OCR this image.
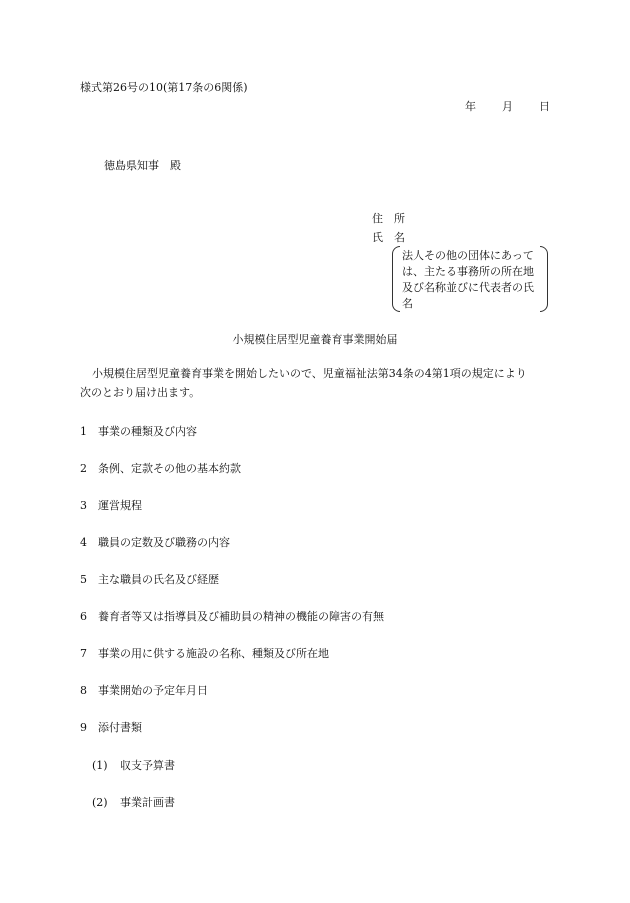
様式第26号の10(第17条の6関係)
年 月 日
徳島県知事　殿
住　所
氏　名
法人その他の団体にあっては、主たる事務所の所在地及び名称並びに代表者の氏名
小規模住居型児童養育事業開始届
小規模住居型児童養育事業を開始したいので、児童福祉法第34条の4第1項の規定により
次のとおり届け出ます。
1 事業の種類及び内容
2 条例、定款その他の基本約款
3 運営規程
4 職員の定数及び職務の内容
5 主な職員の氏名及び経歴
6 養育者等又は指導員及び補助員の精神の機能の障害の有無
7 事業の用に供する施設の名称、種類及び所在地
8 事業開始の予定年月日
9 添付書類
(1) 収支予算書
(2) 事業計画書
